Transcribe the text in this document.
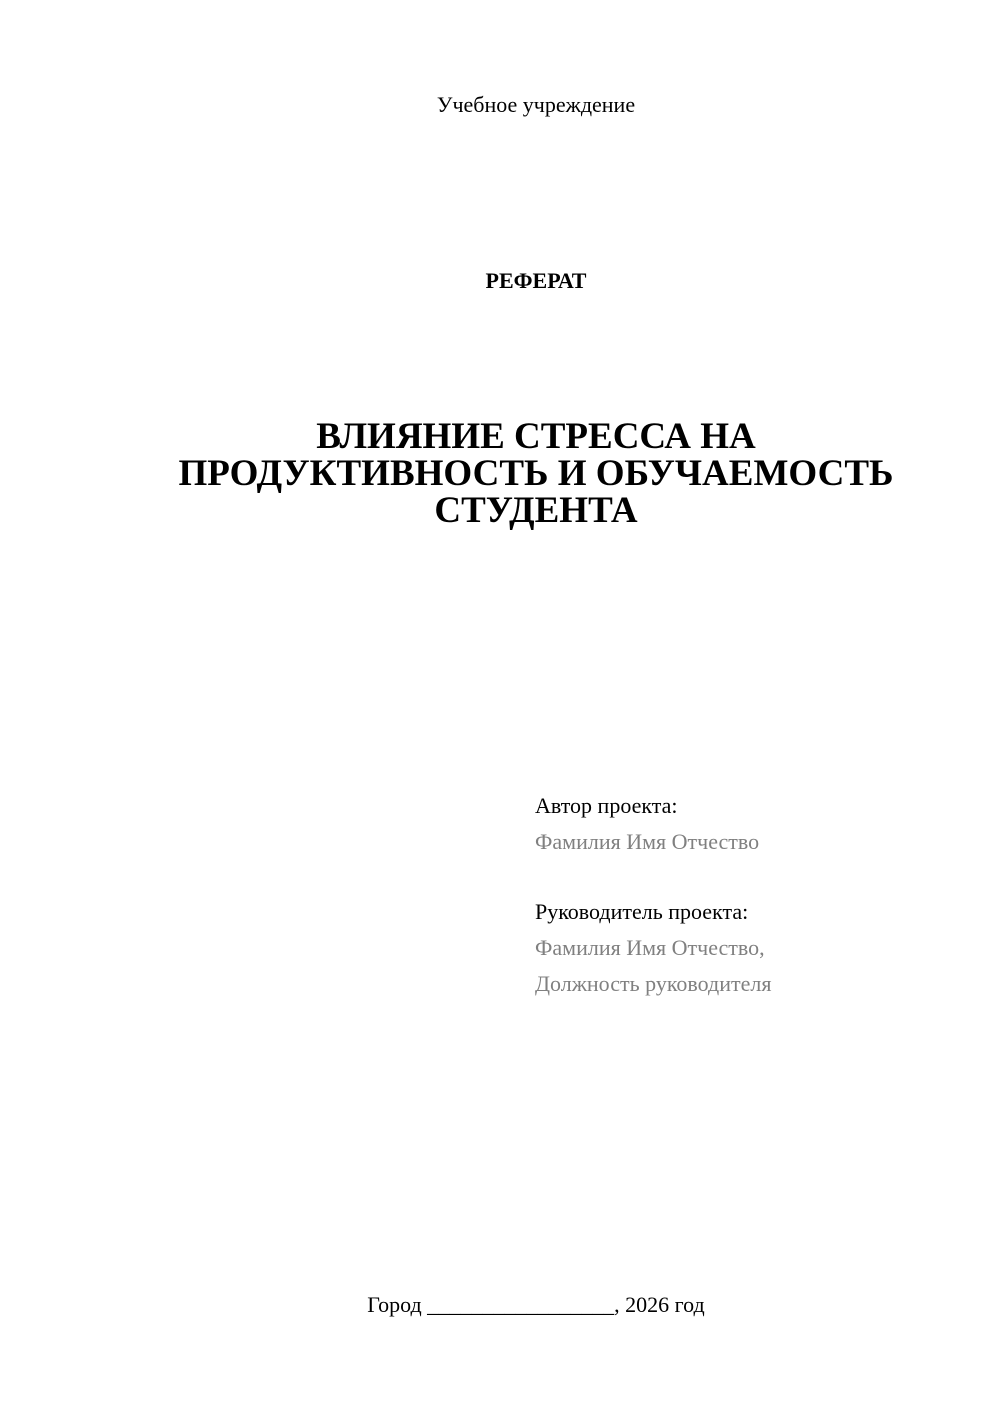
Учебное учреждение
РЕФЕРАТ
ВЛИЯНИЕ СТРЕССА НА
ПРОДУКТИВНОСТЬ И ОБУЧАЕМОСТЬ
СТУДЕНТА
Автор проекта:
Фамилия Имя Отчество
Руководитель проекта:
Фамилия Имя Отчество,
Должность руководителя
Город _________________, 2026 год
